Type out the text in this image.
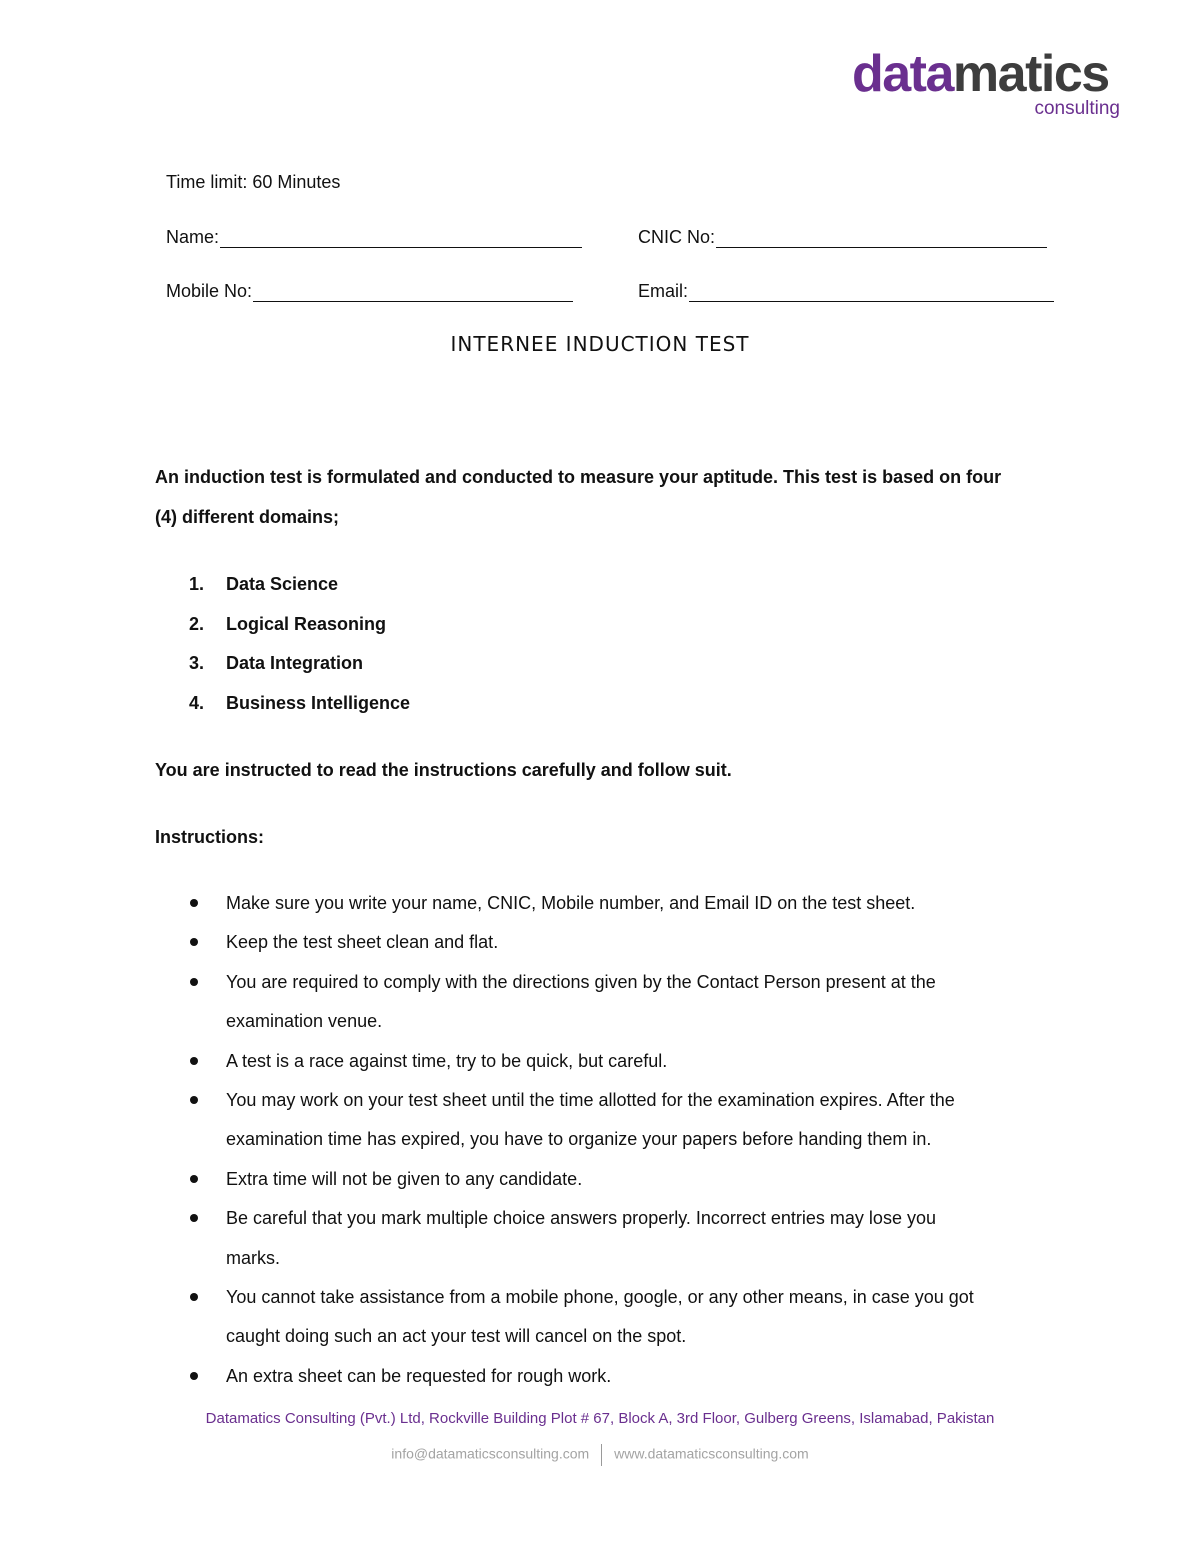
datamatics
consulting
Time limit: 60 Minutes
Name:	CNIC No:
Mobile No:	Email:
INTERNEE INDUCTION TEST
An induction test is formulated and conducted to measure your aptitude. This test is based on four
(4) different domains;
1. Data Science
2. Logical Reasoning
3. Data Integration
4. Business Intelligence
You are instructed to read the instructions carefully and follow suit.
Instructions:
Make sure you write your name, CNIC, Mobile number, and Email ID on the test sheet.
Keep the test sheet clean and flat.
You are required to comply with the directions given by the Contact Person present at the examination venue.
A test is a race against time, try to be quick, but careful.
You may work on your test sheet until the time allotted for the examination expires. After the examination time has expired, you have to organize your papers before handing them in.
Extra time will not be given to any candidate.
Be careful that you mark multiple choice answers properly. Incorrect entries may lose you marks.
You cannot take assistance from a mobile phone, google, or any other means, in case you got caught doing such an act your test will cancel on the spot.
An extra sheet can be requested for rough work.
Datamatics Consulting (Pvt.) Ltd, Rockville Building Plot # 67, Block A, 3rd Floor, Gulberg Greens, Islamabad, Pakistan
info@datamaticsconsulting.com www.datamaticsconsulting.com
